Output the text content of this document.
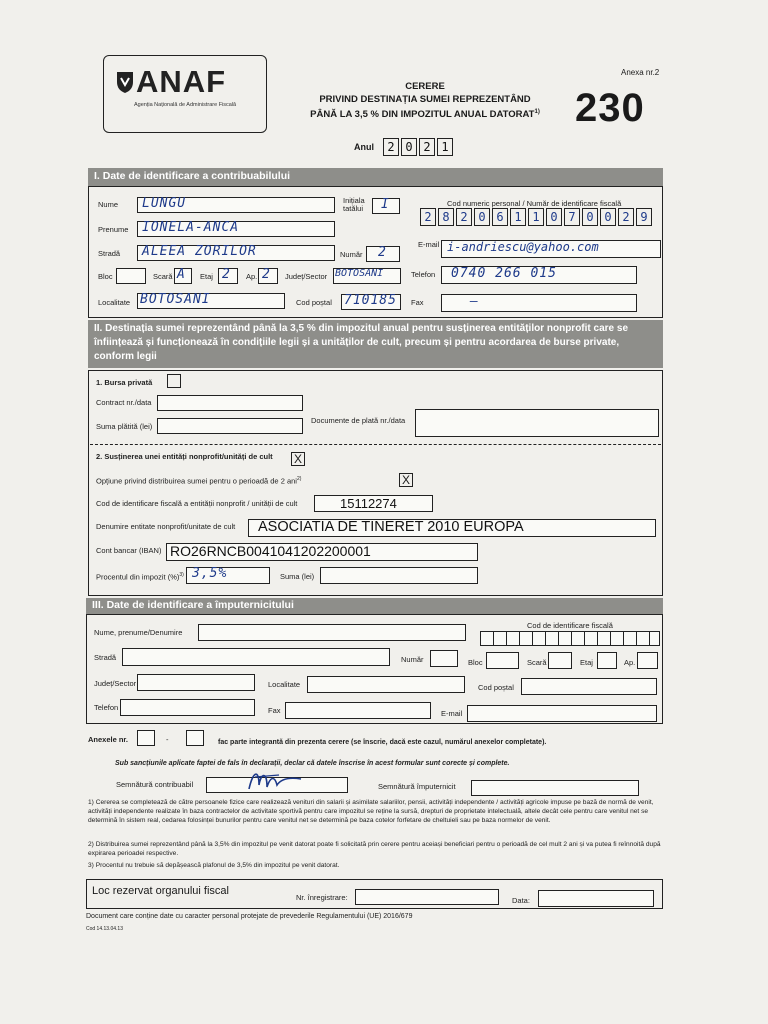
ANAF
Agenția Națională de Administrare Fiscală
CERERE
PRIVIND DESTINAȚIA SUMEI REPREZENTÂND
PÂNĂ LA 3,5 % DIN IMPOZITUL ANUAL DATORAT$^{1)}$
Anexa nr.2
230
Anul	2 0 2 1
I. Date de identificare a contribuabilului
Nume LUNGU	Inițiala tatălui	I	Cod numeric personal / Număr de identificare fiscală
2 8 2 0 6 1 1 0 7 0 0 2 9
Prenume IONELA-ANCA
Stradă ALEEA ZORILOR	Număr 2
E-mail i-andriescu@yahoo.com
Bloc	Scară A Etaj 2 Ap. 2 Județ/Sector BOTOSANI	Telefon 0740 266 015
Localitate BOTOSANI	Cod poștal 710185 Fax	—
II. Destinația sumei reprezentând până la 3,5 % din impozitul anual pentru susținerea entităților nonprofit care se înființează și funcționează în condițiile legii și a unităților de cult, precum și pentru acordarea de burse private, conform legii
1. Bursa privată
Contract nr./data
Suma plătită (lei)
Documente de plată nr./data
2. Susținerea unei entități nonprofit/unități de cult X
Opțiune privind distribuirea sumei pentru o perioadă de 2 ani$^{2)}$	X
Cod de identificare fiscală a entității nonprofit / unității de cult	15112274
Denumire entitate nonprofit/unitate de cult ASOCIATIA DE TINERET 2010 EUROPA
Cont bancar (IBAN) RO26RNCB0041041202200001
Procentul din impozit (%)$^{3)}$ 3,5%	Suma (lei)
III. Date de identificare a împuternicitului
Nume, prenume/Denumire
Cod de identificare fiscală
Stradă	Număr	Bloc	Scară	Etaj	Ap.
Județ/Sector	Localitate	Cod poștal
Telefon	Fax	E-mail
Anexele nr.	-	fac parte integrantă din prezenta cerere (se înscrie, dacă este cazul, numărul anexelor completate).
Sub sancțiunile aplicate faptei de fals în declarații, declar că datele înscrise în acest formular sunt corecte și complete.
Semnătură contribuabil	Semnătură împuternicit
1) Cererea se completează de către persoanele fizice care realizează venituri din salarii și asimilate salariilor, pensii, activități independente / activități agricole impuse pe bază de normă de venit, activități independente realizate în baza contractelor de activitate sportivă pentru care impozitul se reține la sursă, drepturi de proprietate intelectuală, altele decât cele pentru care venitul net se determină în sistem real, cedarea folosinței bunurilor pentru care venitul net se determină pe baza cotelor forfetare de cheltuieli sau pe baza normelor de venit.
2) Distribuirea sumei reprezentând până la 3,5% din impozitul pe venit datorat poate fi solicitată prin cerere pentru aceiași beneficiari pentru o perioadă de cel mult 2 ani și va putea fi reînnoită după expirarea perioadei respective.
3) Procentul nu trebuie să depășească plafonul de 3,5% din impozitul pe venit datorat.
Loc rezervat organului fiscal
Nr. înregistrare:	Data:
Document care conține date cu caracter personal protejate de prevederile Regulamentului (UE) 2016/679
Cod 14.13.04.13
